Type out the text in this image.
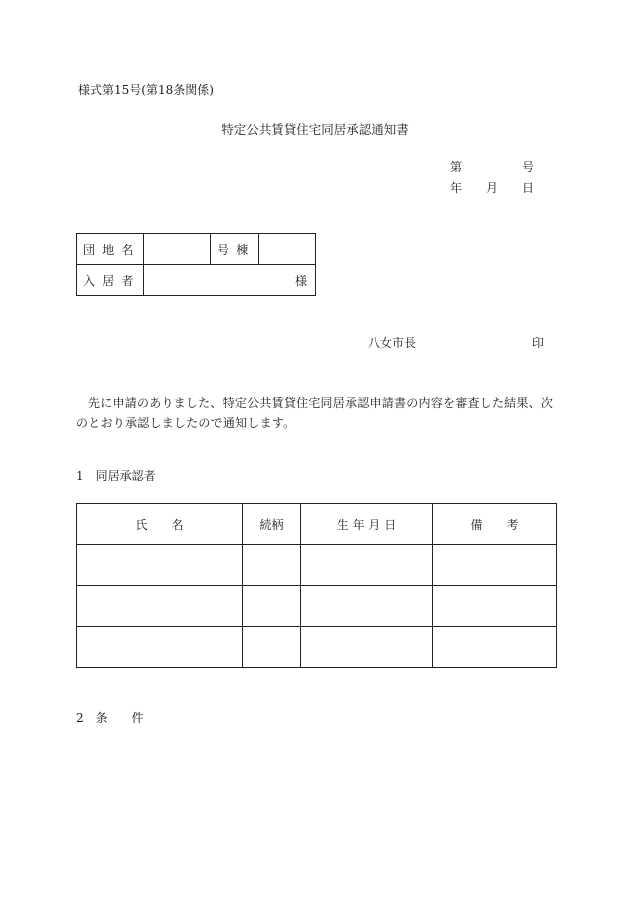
様式第15号(第18条関係)
特定公共賃貸住宅同居承認通知書
第	号
年 月 日
団地名		号棟	
入居者	様		
八女市長	印
先に申請のありました、特定公共賃貸住宅同居承認申請書の内容を審査した結果、次のとおり承認しましたので通知します。
1　同居承認者
氏　　名	続柄	生 年 月 日	備　　考

2　条　　件
